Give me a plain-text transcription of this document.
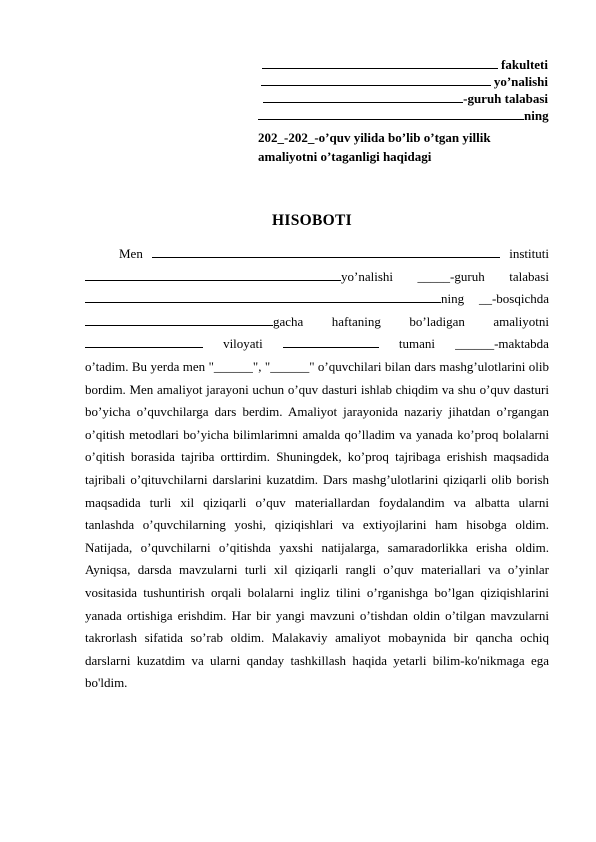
fakulteti
yo’nalishi
-guruh talabasi
ning
202_-202_-o’quv yilida bo’lib o’tgan yillik
amaliyotni o’taganligi haqidagi
HISOBOTI
Men	instituti
yo’nalishi _____-guruh talabasi
ning __-bosqichda
gacha haftaning bo’ladigan amaliyotni
viloyati	tumani ______-maktabda

o’tadim. Bu yerda men "______", "______" o’quvchilari bilan dars mashg’ulotlarini olib bordim. Men amaliyot jarayoni uchun o’quv dasturi ishlab chiqdim va shu o’quv dasturi bo’yicha o’quvchilarga dars berdim. Amaliyot jarayonida nazariy jihatdan o’rgangan o’qitish metodlari bo’yicha bilimlarimni amalda qo’lladim va yanada ko’proq bolalarni o’qitish borasida tajriba orttirdim. Shuningdek, ko’proq tajribaga erishish maqsadida tajribali o’qituvchilarni darslarini kuzatdim. Dars mashg’ulotlarini qiziqarli olib borish maqsadida turli xil qiziqarli o’quv materiallardan foydalandim va albatta ularni tanlashda o’quvchilarning yoshi, qiziqishlari va extiyojlarini ham hisobga oldim. Natijada, o’quvchilarni o’qitishda yaxshi natijalarga, samaradorlikka erisha oldim. Ayniqsa, darsda mavzularni turli xil qiziqarli rangli o’quv materiallari va o’yinlar vositasida tushuntirish orqali bolalarni ingliz tilini o’rganishga bo’lgan qiziqishlarini yanada ortishiga erishdim. Har bir yangi mavzuni o’tishdan oldin o’tilgan mavzularni takrorlash sifatida so’rab oldim. Malakaviy amaliyot mobaynida bir qancha ochiq darslarni kuzatdim va ularni qanday tashkillash haqida yetarli bilim-ko'nikmaga ega bo'ldim.
